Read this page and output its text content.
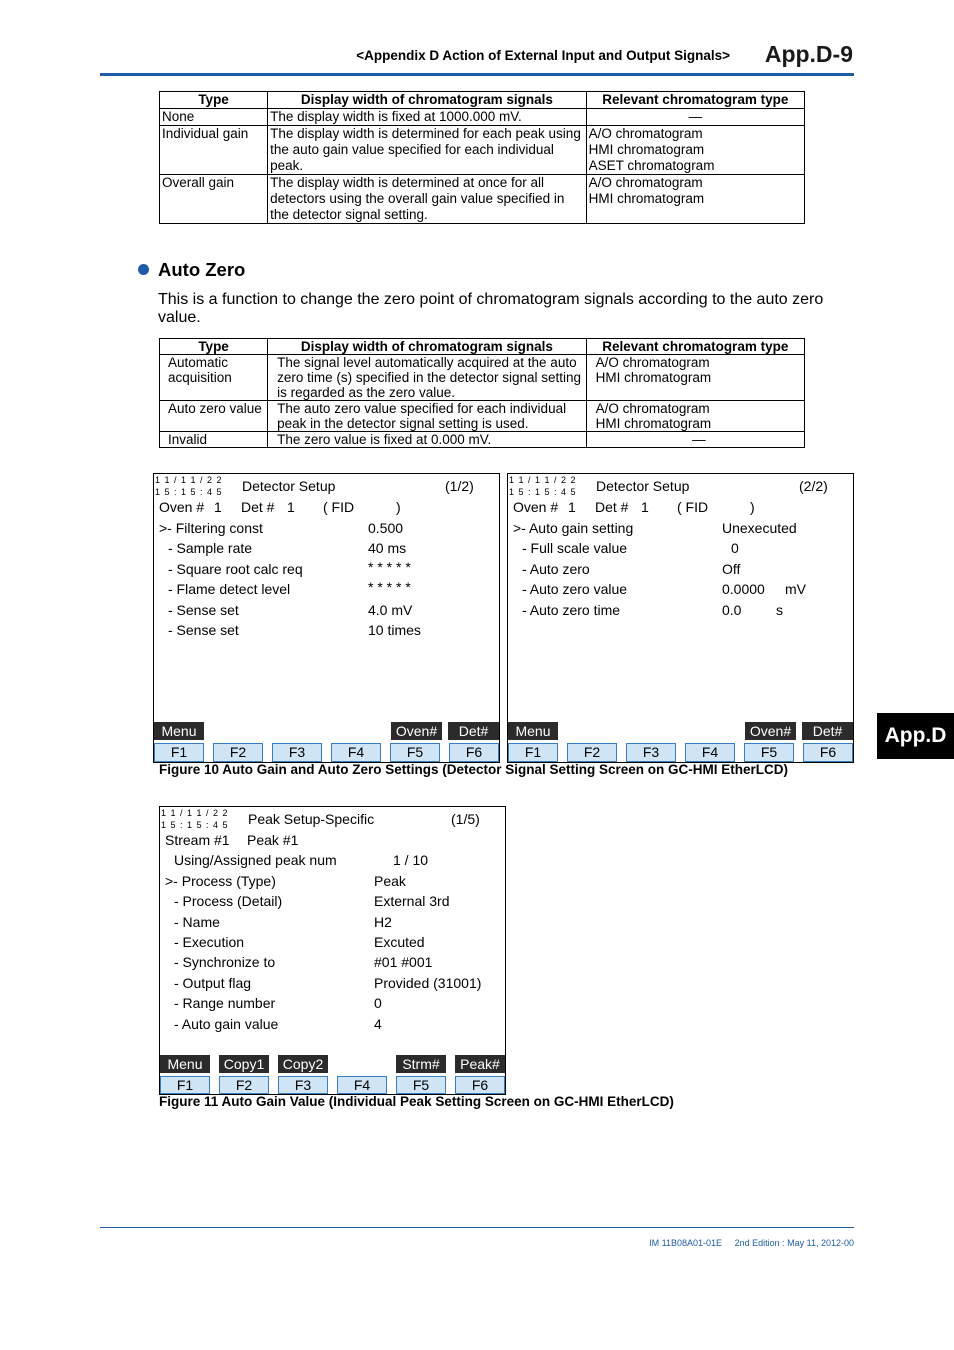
<Appendix D Action of External Input and Output Signals> App.D-9
Type	Display width of chromatogram signals	Relevant chromatogram type
None	The display width is fixed at 1000.000 mV.	—
Individual gain	The display width is determined for each peak using the auto gain value specified for each individual peak.	A/O chromatogram
HMI chromatogram
ASET chromatogram
Overall gain	The display width is determined at once for all detectors using the overall gain value specified in the detector signal setting.	A/O chromatogram
HMI chromatogram
Auto Zero
This is a function to change the zero point of chromatogram signals according to the auto zero value.
Type	Display width of chromatogram signals	Relevant chromatogram type
Automatic acquisition	The signal level automatically acquired at the auto zero time (s) specified in the detector signal setting is regarded as the zero value.	A/O chromatogram
HMI chromatogram
Auto zero value	The auto zero value specified for each individual peak in the detector signal setting is used.	A/O chromatogram
HMI chromatogram
Invalid	The zero value is fixed at 0.000 mV.	—
1 1 / 1 1 / 2 2
1 5 : 1 5 : 4 5 Detector Setup	(1/2)
Oven # 1 Det # 1 ( FID	)
>- Filtering const	0.500
- Sample rate	40 ms
- Square root calc req	* * * * *
- Flame detect level	* * * * *
- Sense set	4.0 mV
- Sense set	10 times
Menu	Oven#	Det#
F1	F2	F3	F4	F5	F6
1 1 / 1 1 / 2 2
1 5 : 1 5 : 4 5 Detector Setup	(2/2)
Oven # 1 Det # 1 ( FID	)
>- Auto gain setting	Unexecuted
- Full scale value	0
- Auto zero	Off
- Auto zero value	0.0000 mV
- Auto zero time	0.0 s
Menu	Oven#	Det#
F1	F2	F3	F4	F5	F6
Figure 10 Auto Gain and Auto Zero Settings (Detector Signal Setting Screen on GC-HMI EtherLCD)
App.D
1 1 / 1 1 / 2 2
1 5 : 1 5 : 4 5 Peak Setup-Specific	(1/5)
Stream #1 Peak #1
Using/Assigned peak num	1 / 10
>- Process (Type)	Peak
- Process (Detail)	External 3rd
- Name	H2
- Execution	Excuted
- Synchronize to	#01 #001
- Output flag	Provided (31001)
- Range number	0
- Auto gain value	4
Menu	Copy1	Copy2	Strm#	Peak#
F1	F2	F3	F4	F5	F6
Figure 11 Auto Gain Value (Individual Peak Setting Screen on GC-HMI EtherLCD)
IM 11B08A01-01E 2nd Edition : May 11, 2012-00
